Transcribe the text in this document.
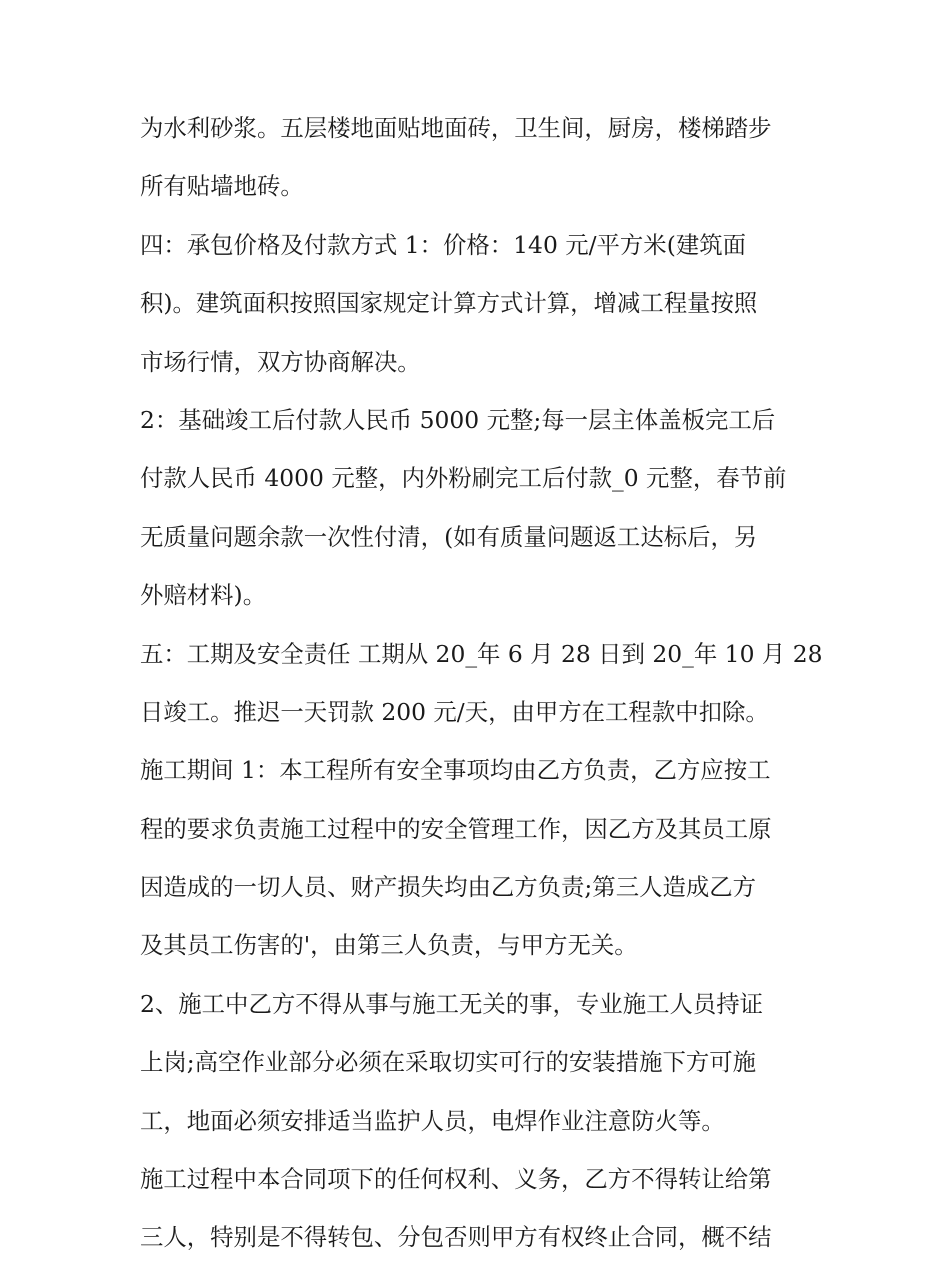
为水利砂浆。五层楼地面贴地面砖，卫生间，厨房，楼梯踏步

所有贴墙地砖。

四：承包价格及付款方式 1：价格：140 元/平方米(建筑面

积)。建筑面积按照国家规定计算方式计算，增减工程量按照

市场行情，双方协商解决。

2：基础竣工后付款人民币 5000 元整;每一层主体盖板完工后

付款人民币 4000 元整，内外粉刷完工后付款_0 元整，春节前

无质量问题余款一次性付清，(如有质量问题返工达标后，另

外赔材料)。

五：工期及安全责任 工期从 20_年 6 月 28 日到 20_年 10 月 28

日竣工。推迟一天罚款 200 元/天，由甲方在工程款中扣除。

施工期间 1：本工程所有安全事项均由乙方负责，乙方应按工

程的要求负责施工过程中的安全管理工作，因乙方及其员工原

因造成的一切人员、财产损失均由乙方负责;第三人造成乙方

及其员工伤害的'，由第三人负责，与甲方无关。

2、施工中乙方不得从事与施工无关的事，专业施工人员持证

上岗;高空作业部分必须在采取切实可行的安装措施下方可施

工，地面必须安排适当监护人员，电焊作业注意防火等。

施工过程中本合同项下的任何权利、义务，乙方不得转让给第

三人，特别是不得转包、分包否则甲方有权终止合同，概不结
